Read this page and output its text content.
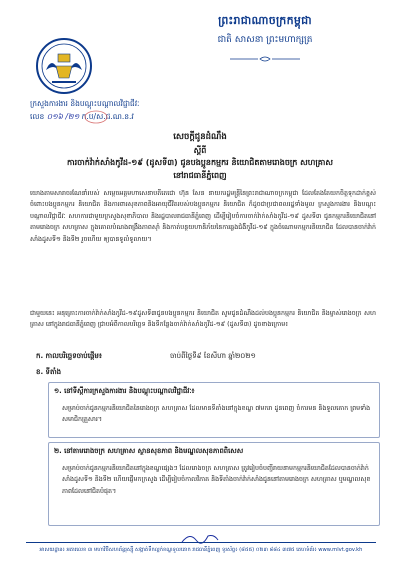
ព្រះរាជាណាចក្រកម្ពុជា
ជាតិ សាសនា ព្រះមហាក្សត្រ
ក្រសួងការងារ និងបណ្ដុះបណ្ដាលវិជ្ជាជីវៈ
លេខ ០១៦ /២១ ក.ប/ស.ជ.ណ.ន.វ
សេចក្ដីជូនដំណឹង
ស្ដីពី
ការចាក់វ៉ាក់សាំងកូវីដ-១៩ (ដូសទី៣) ជូនបងប្អូនកម្មករ និយោជិតតាមរោងចក្រ សហគ្រាស
នៅរាជធានីភ្នំពេញ
យោងតាមសារាចរណែនាំរបស់ សម្ដេចអគ្គមហាសេនាបតីតេជោ ហ៊ុន សែន នាយករដ្ឋមន្ត្រីនៃព្រះរាជាណាចក្រកម្ពុជា ដែលតែងតែយកចិត្តទុកដាក់ខ្ពស់ចំពោះបងប្អូនកម្មករ និយោជិត និងការពារសុខភាពនិងអាយុជីវិតរបស់បងប្អូនកម្មករ និយោជិត ក៏ដូចជាប្រជាពលរដ្ឋទាំងមូល ក្រសួងការងារ និងបណ្ដុះបណ្ដាលវិជ្ជាជីវៈ សហការជាមួយក្រសួងសុខាភិបាល និងរដ្ឋបាលរាជធានីភ្នំពេញ ដើម្បីរៀបចំការចាក់វ៉ាក់សាំងកូវីដ-១៩ ដូសទី៣ ជូនកម្មករនិយោជិតនៅតាមរោងចក្រ សហគ្រាស ក្នុងគោលបំណងពង្រឹងភាពស៊ាំ និងកាត់បន្ថយហានិភ័យនៃការឆ្លងជំងឺកូវីដ-១៩ ក្នុងចំណោមកម្មករនិយោជិត ដែលបានចាក់វ៉ាក់សាំងដូសទី១ និងទី២ រួចហើយ ឲ្យបានទូលំទូលាយ។
ជាមួយនេះ អនុគ្រោះការចាក់វ៉ាក់សាំងកូវីដ-១៩ដូសទី៣ជូនបងប្អូនកម្មករ និយោជិត សូមជូនដំណឹងដល់បងប្អូនកម្មករ និយោជិត និងម្ចាស់រោងចក្រ សហគ្រាស នៅក្នុងរាជធានីភ្នំពេញ ជ្រាបអំពីកាលបរិច្ឆេទ និងទីកន្លែងចាក់វ៉ាក់សាំងកូវីដ-១៩ (ដូសទី៣) ដូចខាងក្រោម៖
ក. កាលបរិច្ឆេទចាប់ផ្ដើម៖	ចាប់ពីថ្ងៃទី៩ ខែសីហា ឆ្នាំ២០២១
ខ. ទីតាំង
១. នៅទីស្ដីការក្រសួងការងារ និងបណ្ដុះបណ្ដាលវិជ្ជាជីវៈ៖
សម្រាប់ចាក់ជូនកម្មករនិយោជិតនៃរោងចក្រ សហគ្រាស ដែលមានទីតាំងនៅក្នុងខណ្ឌ ៧មករា ដូនពេញ ចំការមន និងទួលគោក ព្រមទាំងសមាជិកគ្រួសារ។
២. នៅតាមរោងចក្រ សហគ្រាស ស្ថានសុខភាព និងមណ្ឌលសុខភាពពិសេស
សម្រាប់ចាក់ជូនកម្មករនិយោជិតនៅក្នុងខណ្ឌផ្សេងៗ ដែលរោងចក្រ សហគ្រាស ត្រូវរៀបចំបញ្ជីរាយនាមកម្មករនិយោជិតដែលបានចាក់វ៉ាក់សាំងដូសទី១ និងទី២ ហើយផ្ញើមកក្រសួង ដើម្បីរៀបចំកាលវិភាគ និងទីតាំងចាក់វ៉ាក់សាំងជូននៅតាមរោងចក្រ សហគ្រាស ឬមណ្ឌលសុខភាពដែលនៅជិតបំផុត។
អាសយដ្ឋាន៖ អគារលេខ ៣ មហាវិថីសហព័ន្ធរុស្ស៊ី សង្កាត់ទឹកល្អក់ខណ្ឌទួលគោក រាជធានីភ្នំពេញ ទូរស័ព្ទ៖ (៨៥៥) ០២៣ ៨៨៤ ៣៧៥ គេហទំព័រ៖ www.mlvt.gov.kh
